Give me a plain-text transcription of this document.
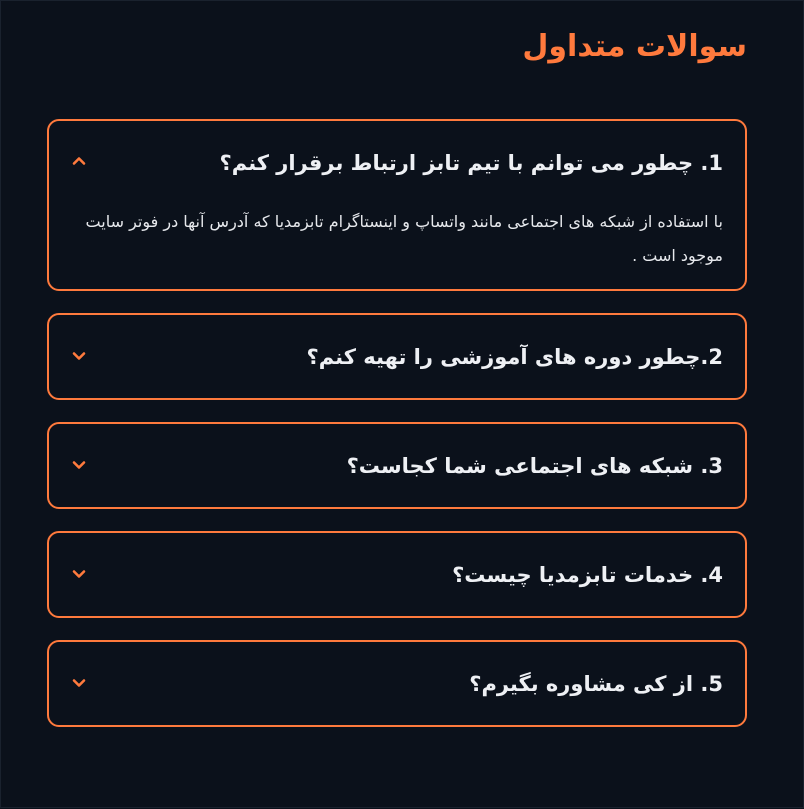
سوالات متداول
1. چطور می توانم با تیم تابز ارتباط برقرار کنم؟
با استفاده از شبکه های اجتماعی مانند واتساپ و اینستاگرام تابزمدیا که آدرس آنها در فوتر سایت موجود است .
2.چطور دوره های آموزشی را تهیه کنم؟
3. شبکه های اجتماعی شما کجاست؟
4. خدمات تابزمدیا چیست؟
5. از کی مشاوره بگیرم؟
